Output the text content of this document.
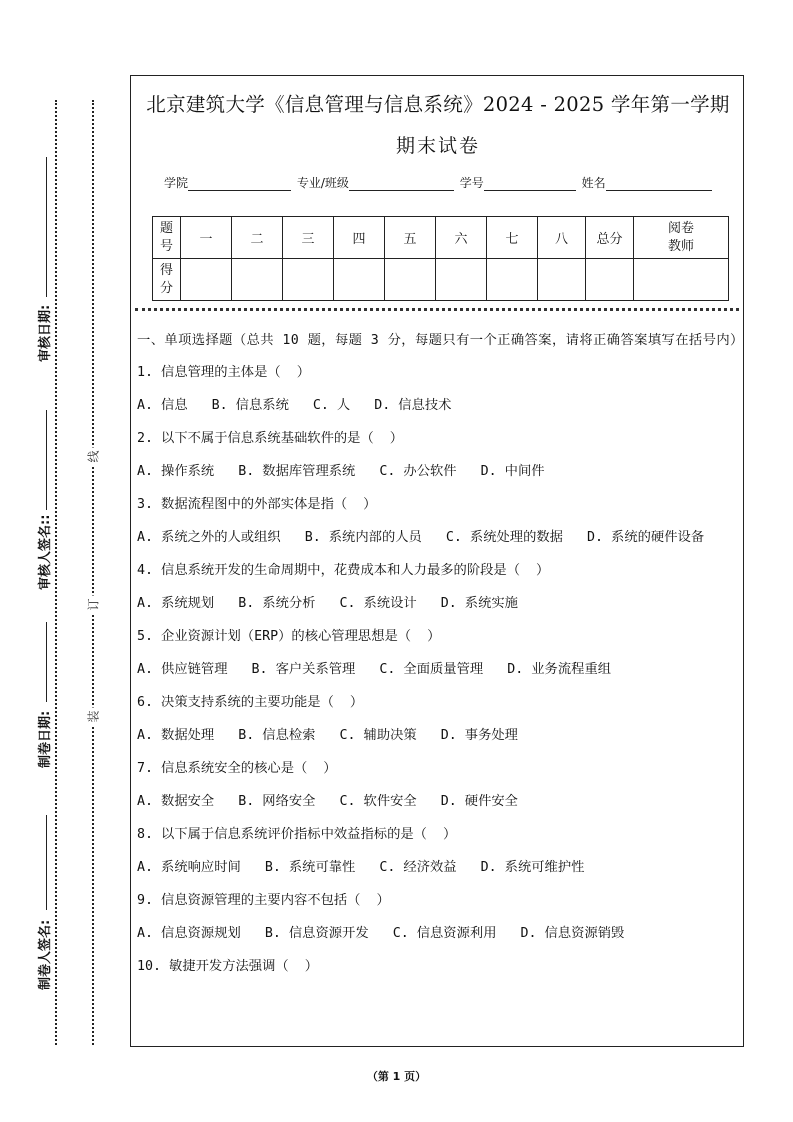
审核日期:
审核人签名::
制卷日期:
制卷人签名:
线
订
装
北京建筑大学《信息管理与信息系统》2024 - 2025 学年第一学期
期末试卷
学院	专业/班级	学号	姓名
题号	一	二	三	四	五	六	七	八	总分	阅卷教师

得分										

一、单项选择题（总共 10 题，每题 3 分，每题只有一个正确答案，请将正确答案填写在括号内）
1. 信息管理的主体是（  ）
A. 信息 B. 信息系统 C. 人 D. 信息技术
2. 以下不属于信息系统基础软件的是（  ）
A. 操作系统 B. 数据库管理系统 C. 办公软件 D. 中间件
3. 数据流程图中的外部实体是指（  ）
A. 系统之外的人或组织 B. 系统内部的人员 C. 系统处理的数据 D. 系统的硬件设备
4. 信息系统开发的生命周期中，花费成本和人力最多的阶段是（  ）
A. 系统规划 B. 系统分析 C. 系统设计 D. 系统实施
5. 企业资源计划（ERP）的核心管理思想是（  ）
A. 供应链管理 B. 客户关系管理 C. 全面质量管理 D. 业务流程重组
6. 决策支持系统的主要功能是（  ）
A. 数据处理 B. 信息检索 C. 辅助决策 D. 事务处理
7. 信息系统安全的核心是（  ）
A. 数据安全 B. 网络安全 C. 软件安全 D. 硬件安全
8. 以下属于信息系统评价指标中效益指标的是（  ）
A. 系统响应时间 B. 系统可靠性 C. 经济效益 D. 系统可维护性
9. 信息资源管理的主要内容不包括（  ）
A. 信息资源规划 B. 信息资源开发 C. 信息资源利用 D. 信息资源销毁
10. 敏捷开发方法强调（  ）
（第 1 页）
